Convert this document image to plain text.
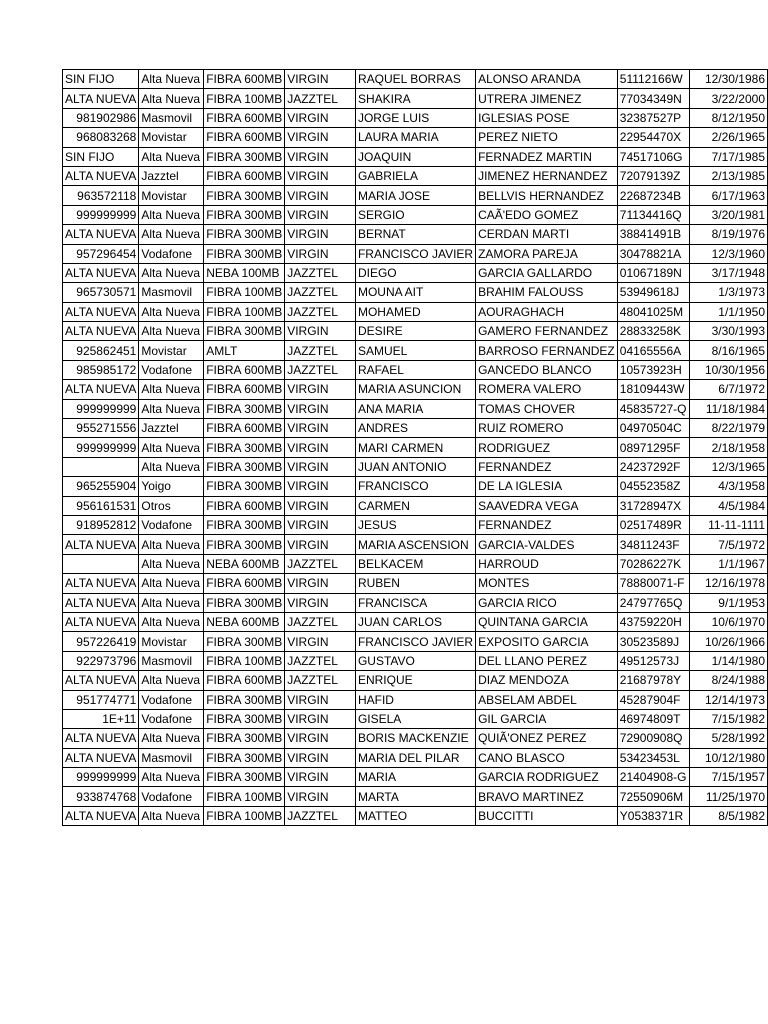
SIN FIJO	Alta Nueva	FIBRA 600MB	VIRGIN	RAQUEL BORRAS	ALONSO ARANDA	51112166W	12/30/1986
ALTA NUEVA	Alta Nueva	FIBRA 100MB	JAZZTEL	SHAKIRA	UTRERA JIMENEZ	77034349N	3/22/2000
981902986	Masmovil	FIBRA 600MB	VIRGIN	JORGE LUIS	IGLESIAS POSE	32387527P	8/12/1950
968083268	Movistar	FIBRA 600MB	VIRGIN	LAURA MARIA	PEREZ NIETO	22954470X	2/26/1965
SIN FIJO	Alta Nueva	FIBRA 300MB	VIRGIN	JOAQUIN	FERNADEZ MARTIN	74517106G	7/17/1985
ALTA NUEVA	Jazztel	FIBRA 600MB	VIRGIN	GABRIELA	JIMENEZ HERNANDEZ	72079139Z	2/13/1985
963572118	Movistar	FIBRA 300MB	VIRGIN	MARIA JOSE	BELLVIS HERNANDEZ	22687234B	6/17/1963
999999999	Alta Nueva	FIBRA 300MB	VIRGIN	SERGIO	CAÃ'EDO GOMEZ	71134416Q	3/20/1981
ALTA NUEVA	Alta Nueva	FIBRA 300MB	VIRGIN	BERNAT	CERDAN MARTI	38841491B	8/19/1976
957296454	Vodafone	FIBRA 300MB	VIRGIN	FRANCISCO JAVIER	ZAMORA PAREJA	30478821A	12/3/1960
ALTA NUEVA	Alta Nueva	NEBA 100MB	JAZZTEL	DIEGO	GARCIA GALLARDO	01067189N	3/17/1948
965730571	Masmovil	FIBRA 100MB	JAZZTEL	MOUNA AIT	BRAHIM FALOUSS	53949618J	1/3/1973
ALTA NUEVA	Alta Nueva	FIBRA 100MB	JAZZTEL	MOHAMED	AOURAGHACH	48041025M	1/1/1950
ALTA NUEVA	Alta Nueva	FIBRA 300MB	VIRGIN	DESIRE	GAMERO FERNANDEZ	28833258K	3/30/1993
925862451	Movistar	AMLT	JAZZTEL	SAMUEL	BARROSO FERNANDEZ	04165556A	8/16/1965
985985172	Vodafone	FIBRA 600MB	JAZZTEL	RAFAEL	GANCEDO BLANCO	10573923H	10/30/1956
ALTA NUEVA	Alta Nueva	FIBRA 600MB	VIRGIN	MARIA ASUNCION	ROMERA VALERO	18109443W	6/7/1972
999999999	Alta Nueva	FIBRA 300MB	VIRGIN	ANA MARIA	TOMAS CHOVER	45835727-Q	11/18/1984
955271556	Jazztel	FIBRA 600MB	VIRGIN	ANDRES	RUIZ ROMERO	04970504C	8/22/1979
999999999	Alta Nueva	FIBRA 300MB	VIRGIN	MARI CARMEN	RODRIGUEZ	08971295F	2/18/1958
	Alta Nueva	FIBRA 300MB	VIRGIN	JUAN ANTONIO	FERNANDEZ	24237292F	12/3/1965
965255904	Yoigo	FIBRA 300MB	VIRGIN	FRANCISCO	DE LA IGLESIA	04552358Z	4/3/1958
956161531	Otros	FIBRA 600MB	VIRGIN	CARMEN	SAAVEDRA VEGA	31728947X	4/5/1984
918952812	Vodafone	FIBRA 300MB	VIRGIN	JESUS	FERNANDEZ	02517489R	11-11-1111
ALTA NUEVA	Alta Nueva	FIBRA 300MB	VIRGIN	MARIA ASCENSION	GARCIA-VALDES	34811243F	7/5/1972
	Alta Nueva	NEBA 600MB	JAZZTEL	BELKACEM	HARROUD	70286227K	1/1/1967
ALTA NUEVA	Alta Nueva	FIBRA 600MB	VIRGIN	RUBEN	MONTES	78880071-F	12/16/1978
ALTA NUEVA	Alta Nueva	FIBRA 300MB	VIRGIN	FRANCISCA	GARCIA RICO	24797765Q	9/1/1953
ALTA NUEVA	Alta Nueva	NEBA 600MB	JAZZTEL	JUAN CARLOS	QUINTANA GARCIA	43759220H	10/6/1970
957226419	Movistar	FIBRA 300MB	VIRGIN	FRANCISCO JAVIER	EXPOSITO GARCIA	30523589J	10/26/1966
922973796	Masmovil	FIBRA 100MB	JAZZTEL	GUSTAVO	DEL LLANO PEREZ	49512573J	1/14/1980
ALTA NUEVA	Alta Nueva	FIBRA 600MB	JAZZTEL	ENRIQUE	DIAZ MENDOZA	21687978Y	8/24/1988
951774771	Vodafone	FIBRA 300MB	VIRGIN	HAFID	ABSELAM ABDEL	45287904F	12/14/1973
1E+11	Vodafone	FIBRA 300MB	VIRGIN	GISELA	GIL GARCIA	46974809T	7/15/1982
ALTA NUEVA	Alta Nueva	FIBRA 300MB	VIRGIN	BORIS MACKENZIE	QUIÃ'ONEZ PEREZ	72900908Q	5/28/1992
ALTA NUEVA	Masmovil	FIBRA 300MB	VIRGIN	MARIA DEL PILAR	CANO BLASCO	53423453L	10/12/1980
999999999	Alta Nueva	FIBRA 300MB	VIRGIN	MARIA	GARCIA RODRIGUEZ	21404908-G	7/15/1957
933874768	Vodafone	FIBRA 100MB	VIRGIN	MARTA	BRAVO MARTINEZ	72550906M	11/25/1970
ALTA NUEVA	Alta Nueva	FIBRA 100MB	JAZZTEL	MATTEO	BUCCITTI	Y0538371R	8/5/1982
